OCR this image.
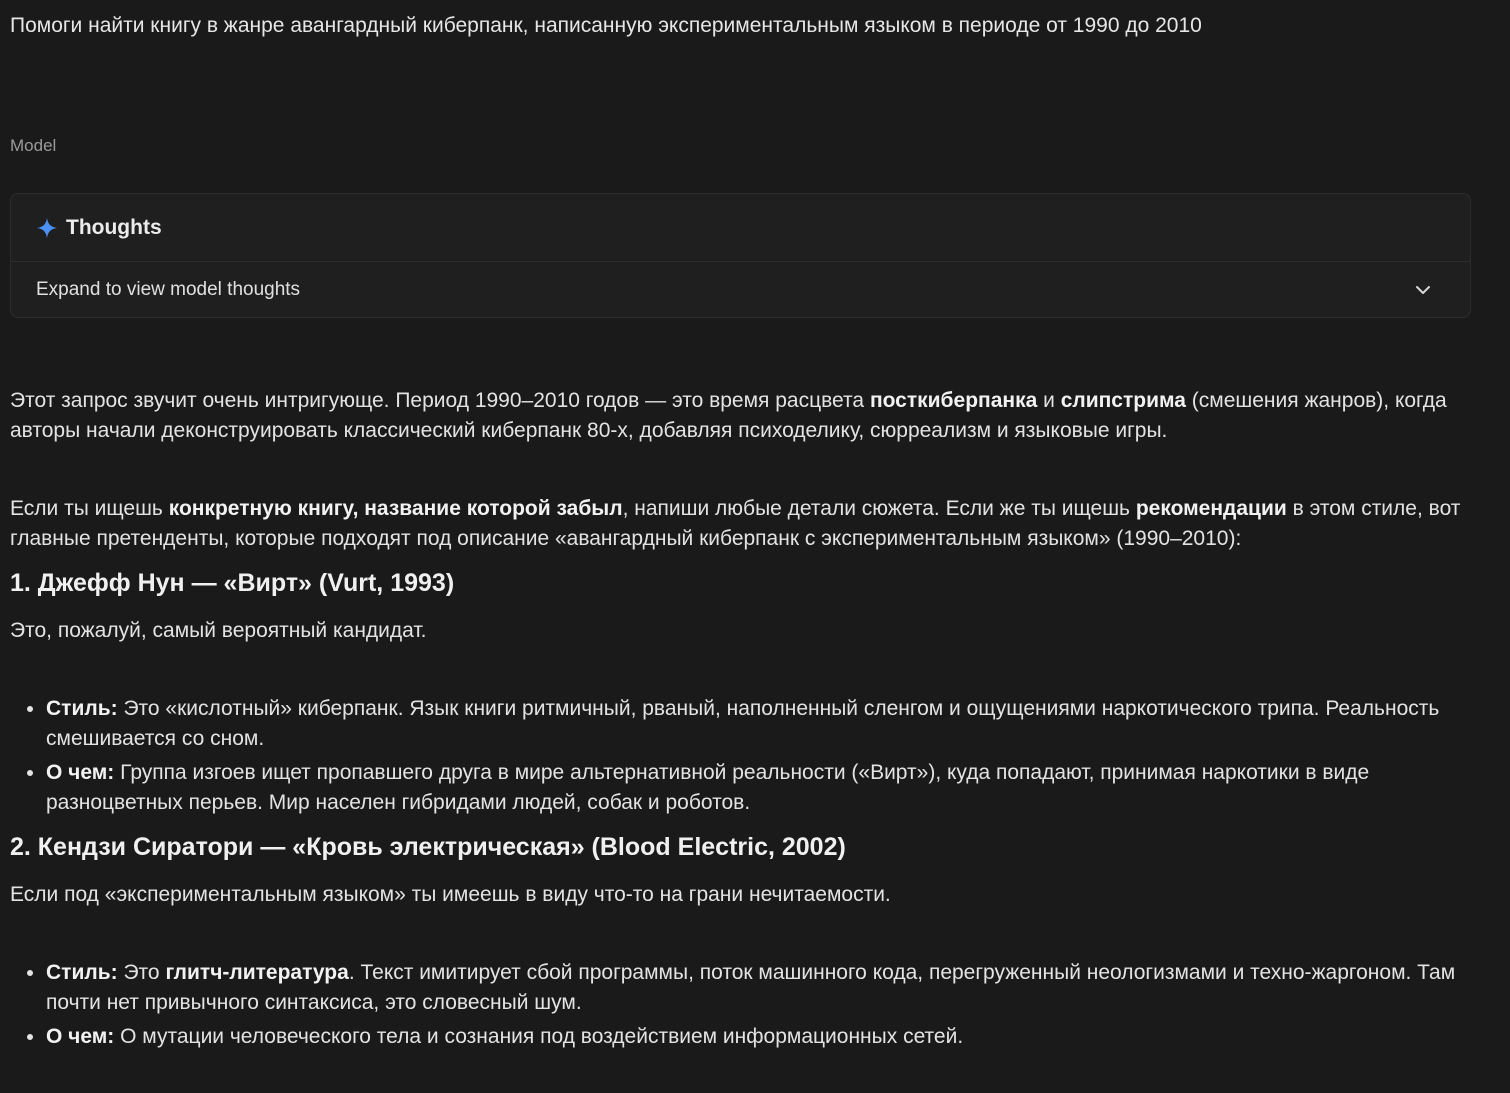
Помоги найти книгу в жанре авангардный киберпанк, написанную экспериментальным языком в периоде от 1990 до 2010
Model
Thoughts
Expand to view model thoughts

Этот запрос звучит очень интригующе. Период 1990–2010 годов — это время расцвета посткиберпанка и слипстрима (смешения жанров), когда авторы начали деконструировать классический киберпанк 80-х, добавляя психоделику, сюрреализм и языковые игры.

Если ты ищешь конкретную книгу, название которой забыл, напиши любые детали сюжета. Если же ты ищешь рекомендации в этом стиле, вот главные претенденты, которые подходят под описание «авангардный киберпанк с экспериментальным языком» (1990–2010):

1. Джефф Нун — «Вирт» (Vurt, 1993)

Это, пожалуй, самый вероятный кандидат.

• Стиль: Это «кислотный» киберпанк. Язык книги ритмичный, рваный, наполненный сленгом и ощущениями наркотического трипа. Реальность смешивается со сном.
• О чем: Группа изгоев ищет пропавшего друга в мире альтернативной реальности («Вирт»), куда попадают, принимая наркотики в виде разноцветных перьев. Мир населен гибридами людей, собак и роботов.
2. Кендзи Сиратори — «Кровь электрическая» (Blood Electric, 2002)

Если под «экспериментальным языком» ты имеешь в виду что-то на грани нечитаемости.

• Стиль: Это глитч-литература. Текст имитирует сбой программы, поток машинного кода, перегруженный неологизмами и техно-жаргоном. Там почти нет привычного синтаксиса, это словесный шум.
• О чем: О мутации человеческого тела и сознания под воздействием информационных сетей.
